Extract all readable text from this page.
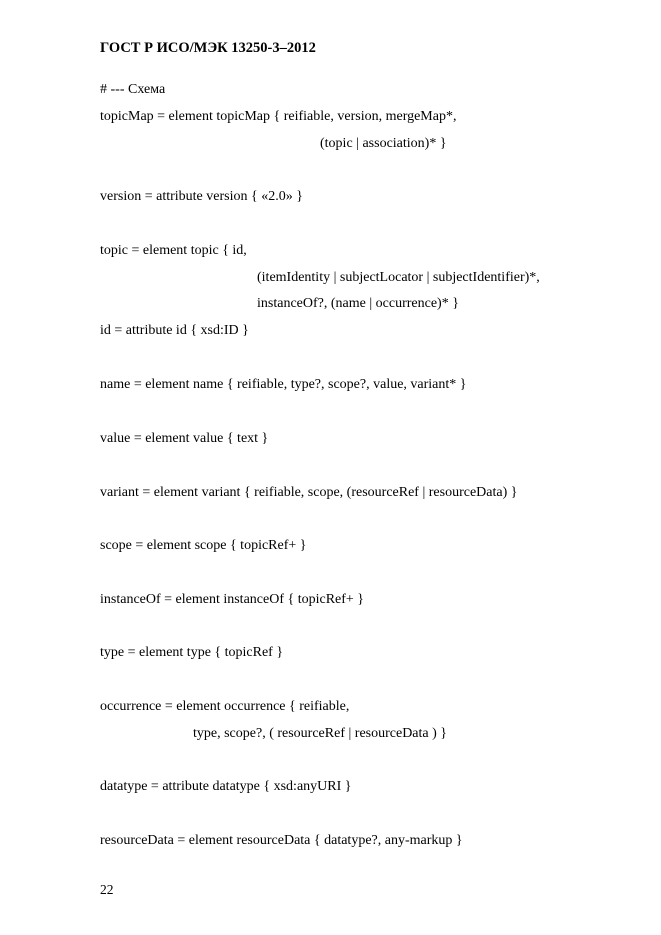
ГОСТ Р ИСО/МЭК 13250-3–2012
# --- Схема
topicMap = element topicMap { reifiable, version, mergeMap*,
(topic | association)* }
version = attribute version { «2.0» }
topic = element topic { id,
(itemIdentity | subjectLocator | subjectIdentifier)*,
instanceOf?, (name | occurrence)* }
id = attribute id { xsd:ID }
name = element name { reifiable, type?, scope?, value, variant* }
value = element value { text }
variant = element variant { reifiable, scope, (resourceRef | resourceData) }
scope = element scope { topicRef+ }
instanceOf = element instanceOf { topicRef+ }
type = element type { topicRef }
occurrence = element occurrence { reifiable,
type, scope?, ( resourceRef | resourceData ) }
datatype = attribute datatype { xsd:anyURI }
resourceData = element resourceData { datatype?, any-markup }
22
